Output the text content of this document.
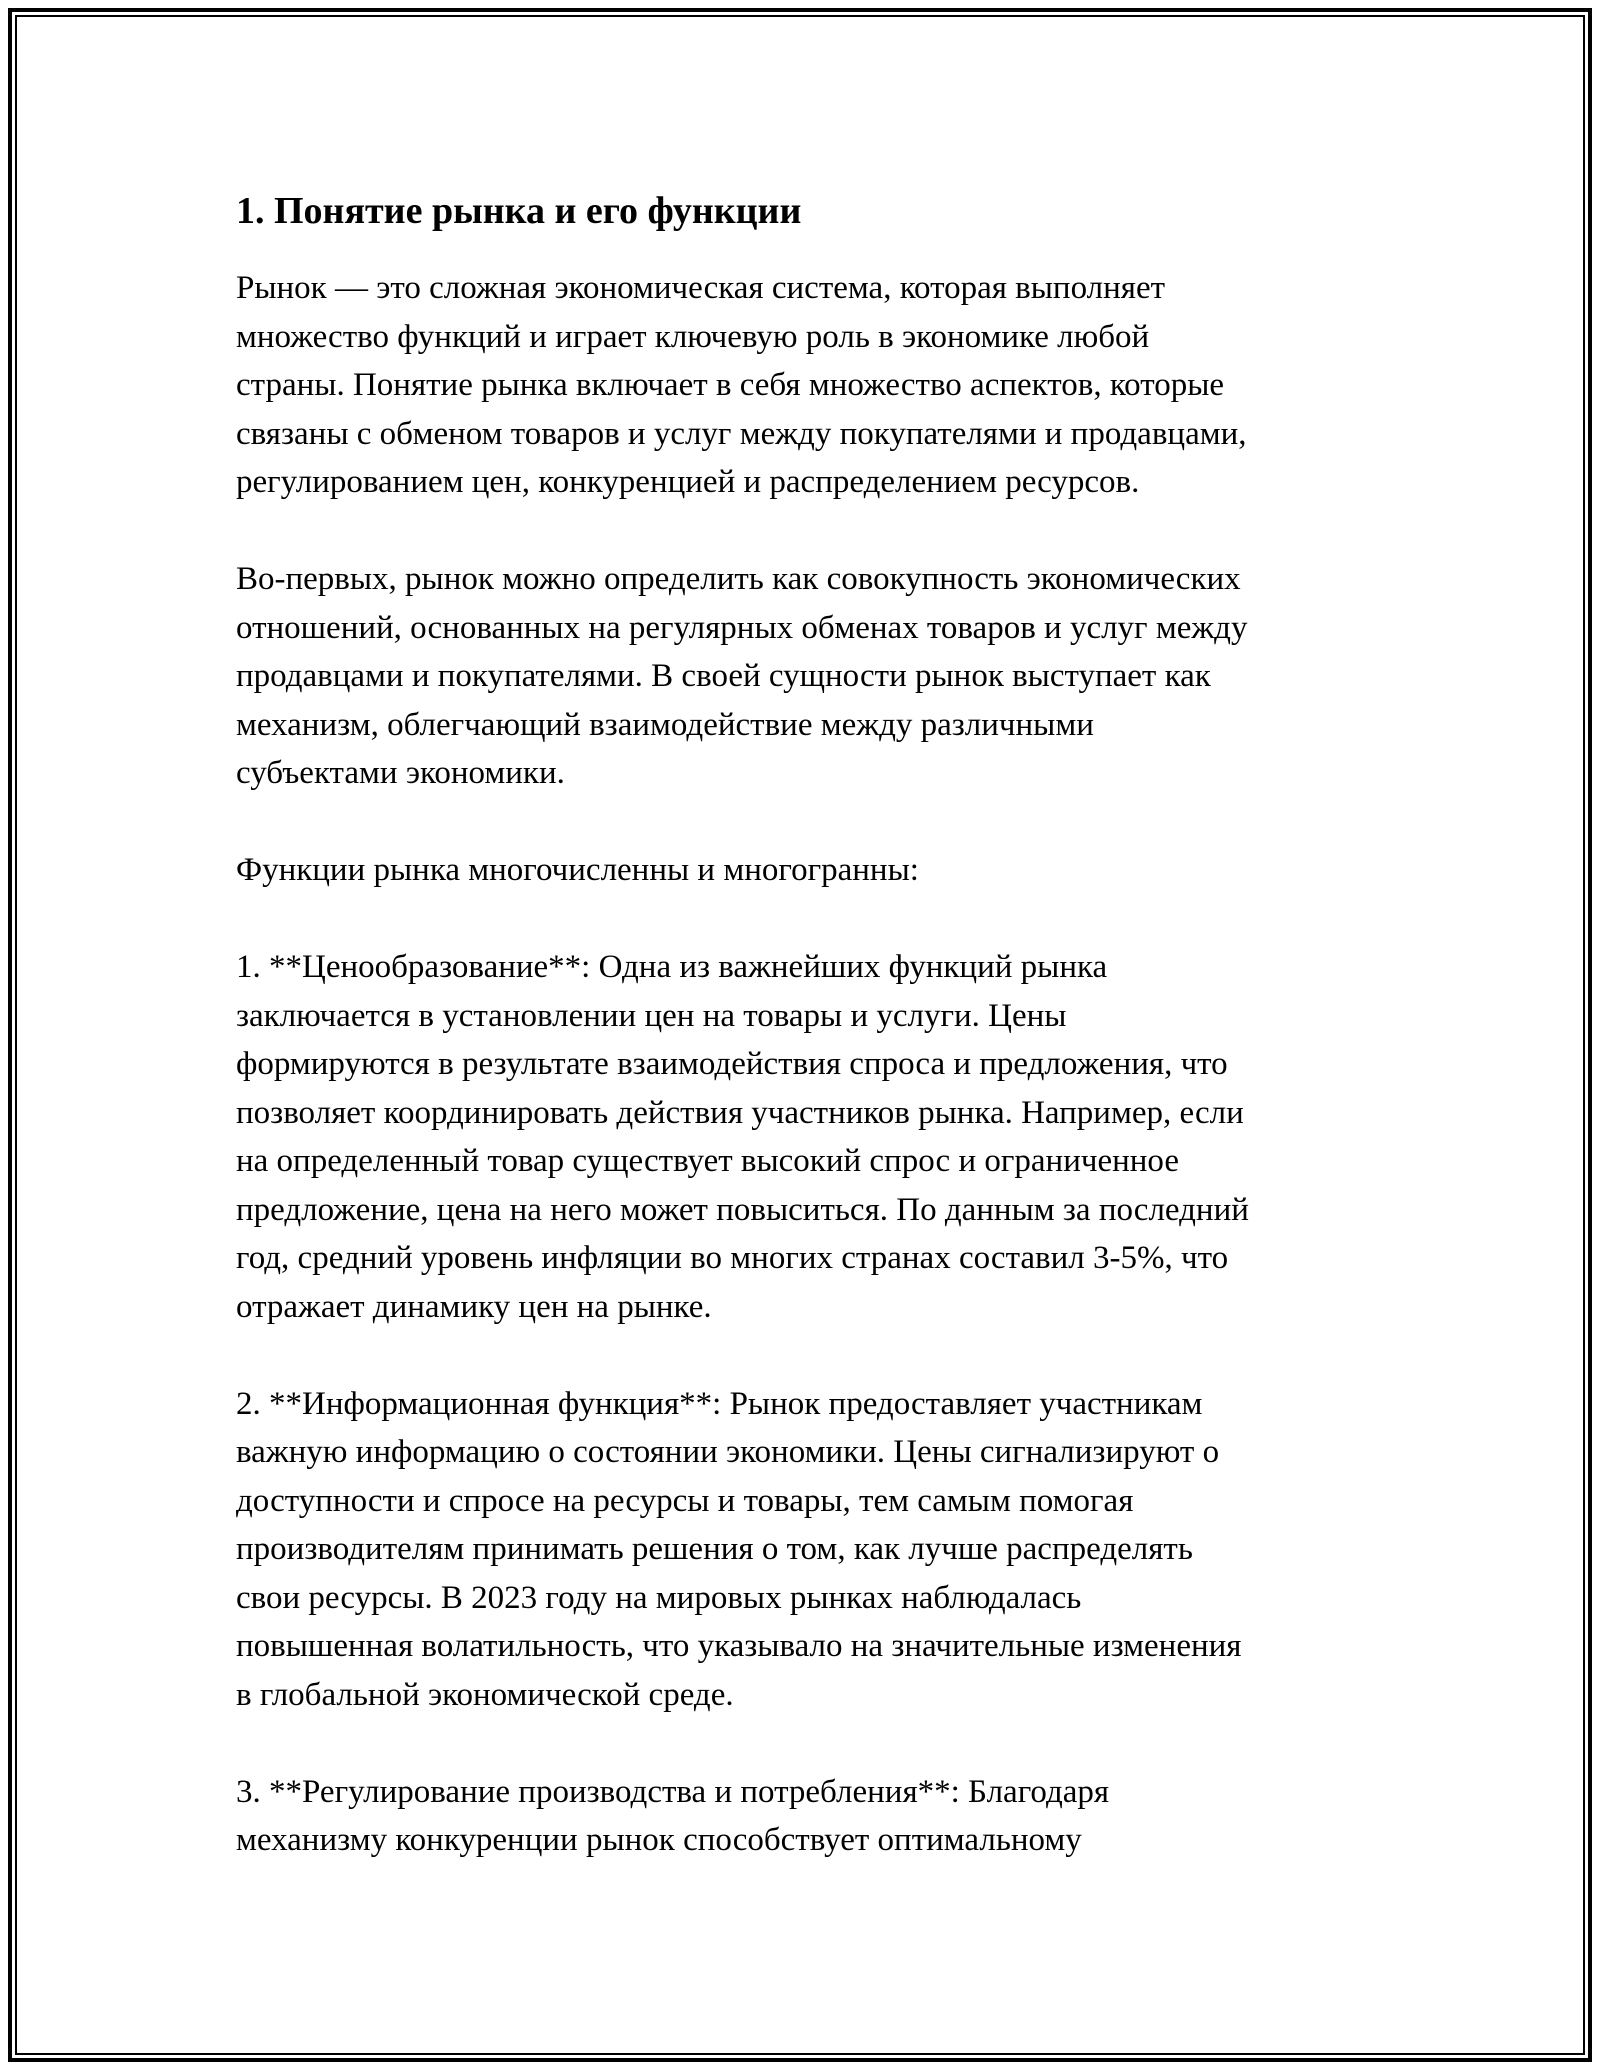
1. Понятие рынка и его функции

Рынок — это сложная экономическая система, которая выполняет
множество функций и играет ключевую роль в экономике любой
страны. Понятие рынка включает в себя множество аспектов, которые
связаны с обменом товаров и услуг между покупателями и продавцами,
регулированием цен, конкуренцией и распределением ресурсов.

Во-первых, рынок можно определить как совокупность экономических
отношений, основанных на регулярных обменах товаров и услуг между
продавцами и покупателями. В своей сущности рынок выступает как
механизм, облегчающий взаимодействие между различными
субъектами экономики.

Функции рынка многочисленны и многогранны:

1. **Ценообразование**: Одна из важнейших функций рынка
заключается в установлении цен на товары и услуги. Цены
формируются в результате взаимодействия спроса и предложения, что
позволяет координировать действия участников рынка. Например, если
на определенный товар существует высокий спрос и ограниченное
предложение, цена на него может повыситься. По данным за последний
год, средний уровень инфляции во многих странах составил 3-5%, что
отражает динамику цен на рынке.

2. **Информационная функция**: Рынок предоставляет участникам
важную информацию о состоянии экономики. Цены сигнализируют о
доступности и спросе на ресурсы и товары, тем самым помогая
производителям принимать решения о том, как лучше распределять
свои ресурсы. В 2023 году на мировых рынках наблюдалась
повышенная волатильность, что указывало на значительные изменения
в глобальной экономической среде.

3. **Регулирование производства и потребления**: Благодаря
механизму конкуренции рынок способствует оптимальному
